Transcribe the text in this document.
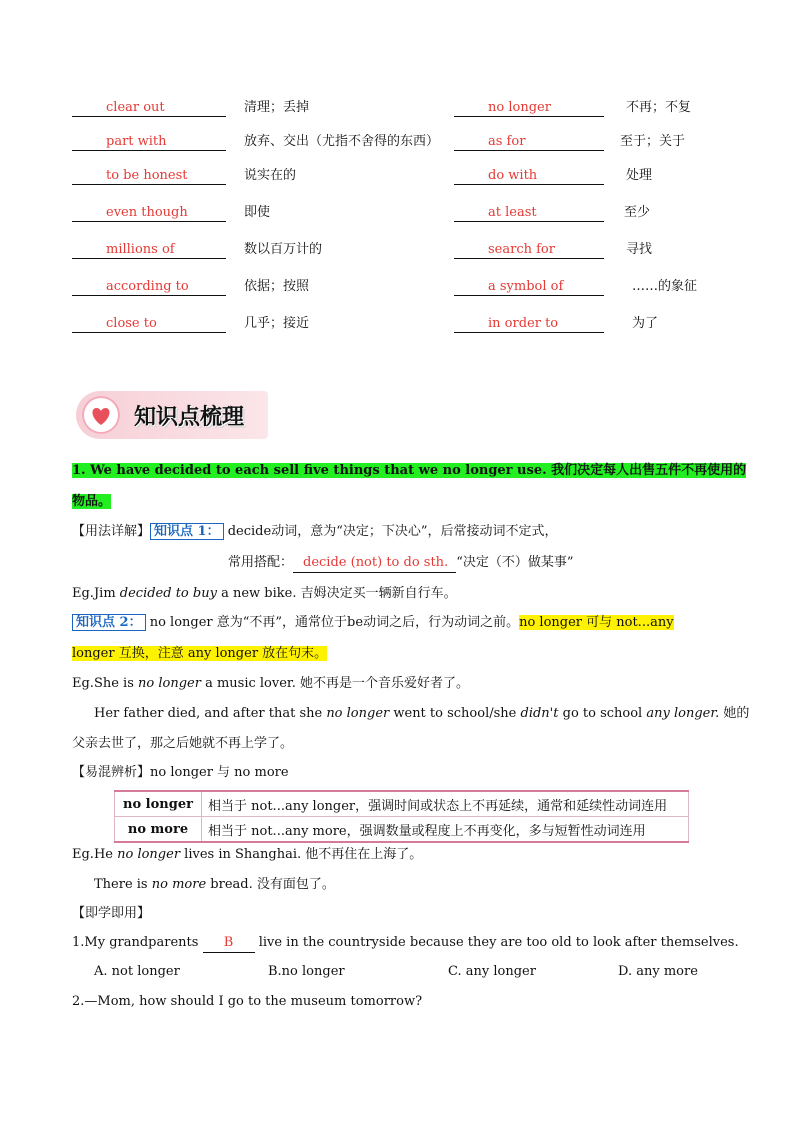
clear out	清理；丢掉	no longer	不再；不复
part with	放弃、交出（尤指不舍得的东西）	as for	至于；关于
to be honest	说实在的	do with	处理
even though	即使	at least	至少
millions of	数以百万计的	search for	寻找
according to	依据；按照	a symbol of	……的象征
close to	几乎；接近	in order to	为了
知识点梳理
1. We have decided to each sell five things that we no longer use. 我们决定每人出售五件不再使用的
物品。
【用法详解】 知识点 1： decide动词，意为“决定；下决心”，后常接动词不定式，
常用搭配： decide (not) to do sth. “决定（不）做某事”
Eg.Jim decided to buy a new bike. 吉姆决定买一辆新自行车。
知识点 2： no longer 意为“不再”，通常位于be动词之后，行为动词之前。no longer 可与 not...any
longer 互换，注意 any longer 放在句末。
Eg.She is no longer a music lover. 她不再是一个音乐爱好者了。
Her father died, and after that she no longer went to school/she didn't go to school any longer. 她的
父亲去世了，那之后她就不再上学了。
【易混辨析】no longer 与 no more
no longer	相当于 not...any longer，强调时间或状态上不再延续，通常和延续性动词连用
no more	相当于 not...any more，强调数量或程度上不再变化，多与短暂性动词连用
Eg.He no longer lives in Shanghai. 他不再住在上海了。
There is no more bread. 没有面包了。
【即学即用】
1.My grandparents B live in the countryside because they are too old to look after themselves.
A. not longer	B.no longer	C. any longer	D. any more
2.—Mom, how should I go to the museum tomorrow?
